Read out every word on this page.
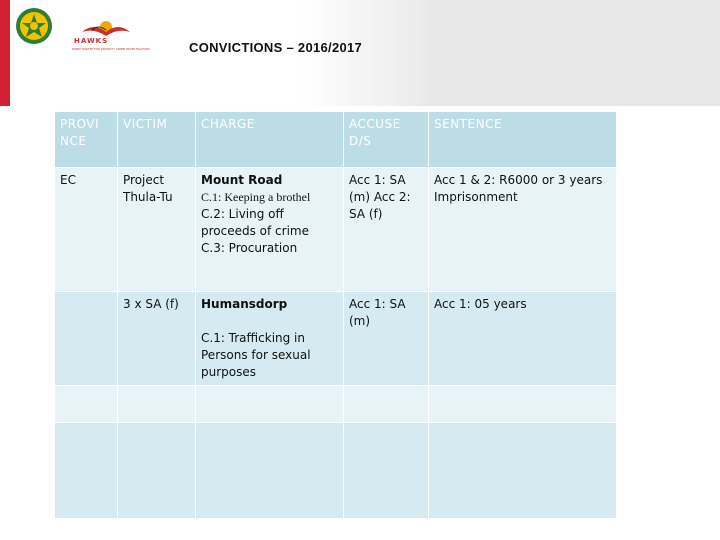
HAWKS
DIRECTORATE FOR PRIORITY CRIME INVESTIGATION	CONVICTIONS – 2016/2017
PROVI NCE	VICTIM	CHARGE	ACCUSE D/S	SENTENCE
EC	Project Thula-Tu	Mount Road
C.1: Keeping a brothel
C.2: Living off proceeds of crime
C.3: Procuration	Acc 1: SA (m) Acc 2: SA (f)	Acc 1 & 2: R6000 or 3 years Imprisonment
	3 x SA (f)	Humansdorp
C.1: Trafficking in Persons for sexual purposes	Acc 1: SA (m)	Acc 1: 05 years
